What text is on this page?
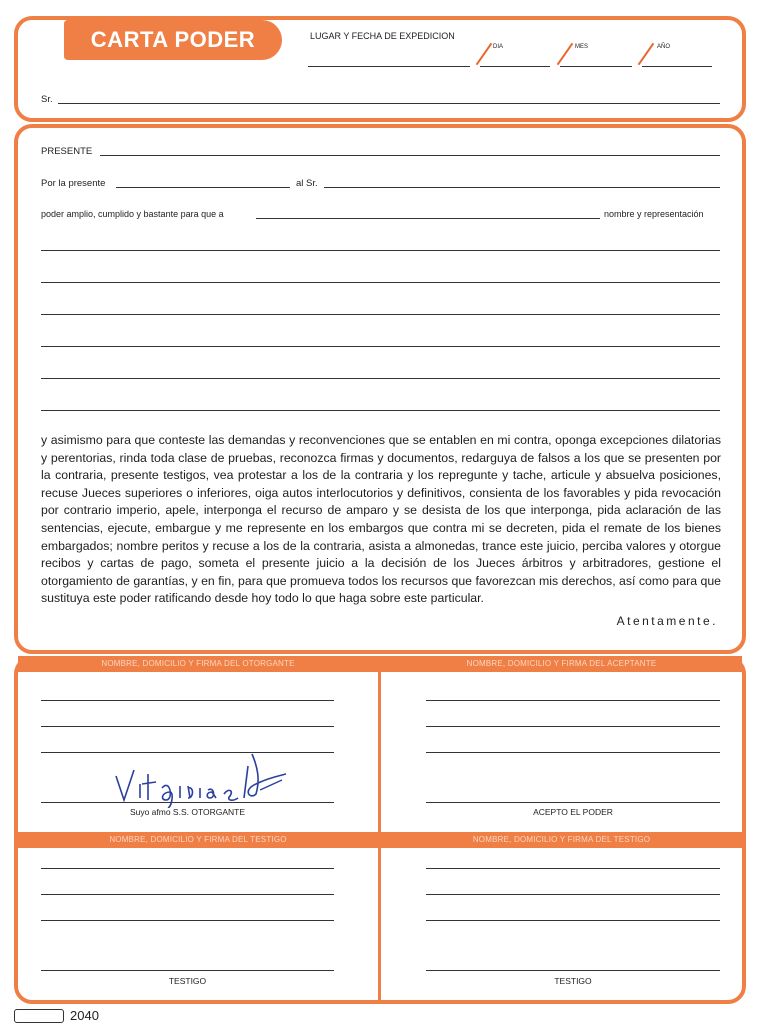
CARTA PODER	LUGAR Y FECHA DE EXPEDICION
DIA	MES	AÑO
Sr.
PRESENTE
Por la presente	al Sr.
poder amplio, cumplido y bastante para que a	nombre y representación

y asimismo para que conteste las demandas y reconvenciones que se entablen en mi contra, oponga excepciones dilatorias y perentorias, rinda toda clase de pruebas, reconozca firmas y documentos, redarguya de falsos a los que se presenten por la contraria, presente testigos, vea protestar a los de la contraria y los repregunte y tache, articule y absuelva posiciones, recuse Jueces superiores o inferiores, oiga autos interlocutorios y definitivos, consienta de los favorables y pida revocación por contrario imperio, apele, interponga el recurso de amparo y se desista de los que interponga, pida aclaración de las sentencias, ejecute, embargue y me represente en los embargos que contra mi se decreten, pida el remate de los bienes embargados; nombre peritos y recuse a los de la contraria, asista a almonedas, trance este juicio, perciba valores y otorgue recibos y cartas de pago, someta el presente juicio a la decisión de los Jueces árbitros y arbitradores, gestione el otorgamiento de garantías, y en fin, para que promueva todos los recursos que favorezcan mis derechos, así como para que sustituya este poder ratificando desde hoy todo lo que haga sobre este particular.

Atentamente.
NOMBRE, DOMICILIO Y FIRMA DEL OTORGANTE	NOMBRE, DOMICILIO Y FIRMA DEL ACEPTANTE
Suyo afmo S.S. OTORGANTE	ACEPTO EL PODER
NOMBRE, DOMICILIO Y FIRMA DEL TESTIGO	NOMBRE, DOMICILIO Y FIRMA DEL TESTIGO
TESTIGO	TESTIGO
2040
